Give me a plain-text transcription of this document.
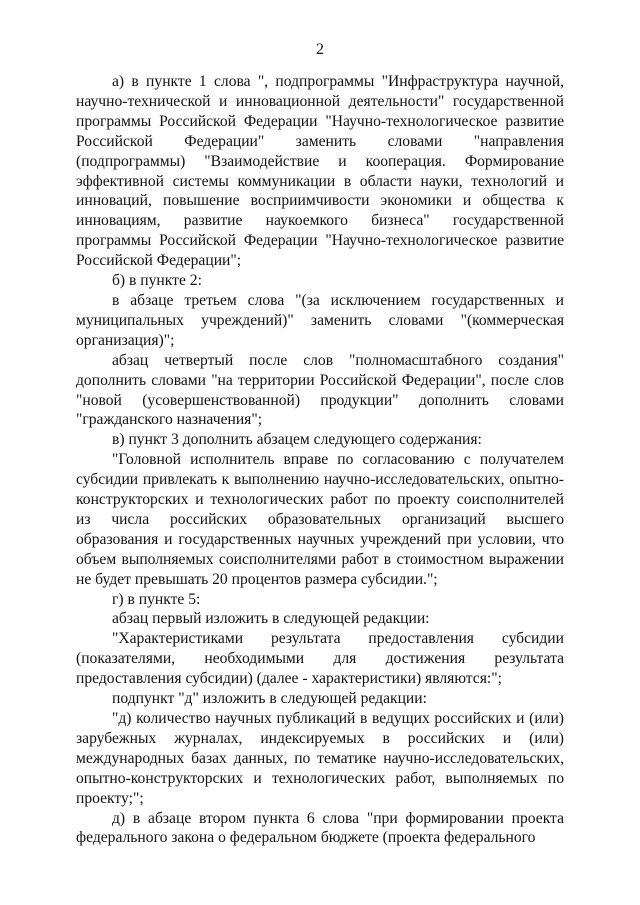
2

а) в пункте 1 слова ", подпрограммы "Инфраструктура научной, научно-технической и инновационной деятельности" государственной программы Российской Федерации "Научно-технологическое развитие Российской Федерации" заменить словами "направления (подпрограммы) "Взаимодействие и кооперация. Формирование эффективной системы коммуникации в области науки, технологий и инноваций, повышение восприимчивости экономики и общества к инновациям, развитие наукоемкого бизнеса" государственной программы Российской Федерации "Научно-технологическое развитие Российской Федерации";

б) в пункте 2:

в абзаце третьем слова "(за исключением государственных и муниципальных учреждений)" заменить словами "(коммерческая организация)";

абзац четвертый после слов "полномасштабного создания" дополнить словами "на территории Российской Федерации", после слов "новой (усовершенствованной) продукции" дополнить словами "гражданского назначения";

в) пункт 3 дополнить абзацем следующего содержания:

"Головной исполнитель вправе по согласованию с получателем субсидии привлекать к выполнению научно-исследовательских, опытно-конструкторских и технологических работ по проекту соисполнителей из числа российских образовательных организаций высшего образования и государственных научных учреждений при условии, что объем выполняемых соисполнителями работ в стоимостном выражении не будет превышать 20 процентов размера субсидии.";

г) в пункте 5:

абзац первый изложить в следующей редакции:

"Характеристиками результата предоставления субсидии (показателями, необходимыми для достижения результата предоставления субсидии) (далее - характеристики) являются:";

подпункт "д" изложить в следующей редакции:

"д) количество научных публикаций в ведущих российских и (или) зарубежных журналах, индексируемых в российских и (или) международных базах данных, по тематике научно-исследовательских, опытно-конструкторских и технологических работ, выполняемых по проекту;";

д) в абзаце втором пункта 6 слова "при формировании проекта федерального закона о федеральном бюджете (проекта федерального
